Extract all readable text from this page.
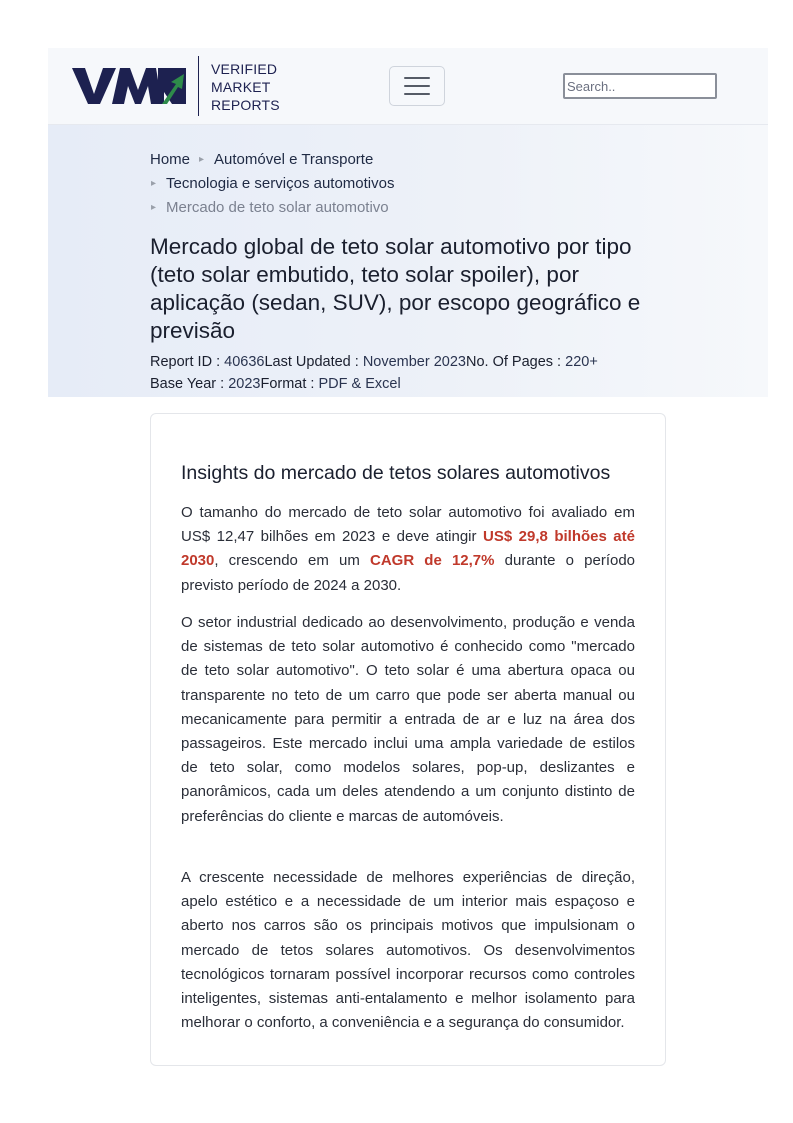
VERIFIED
MARKET
REPORTS
Search..
Home ▸ Automóvel e Transporte
▸ Tecnologia e serviços automotivos
▸ Mercado de teto solar automotivo
Mercado global de teto solar automotivo por tipo (teto solar embutido, teto solar spoiler), por aplicação (sedan, SUV), por escopo geográfico e previsão
Report ID : 40636Last Updated : November 2023No. Of Pages : 220+
Base Year : 2023Format : PDF & Excel
Insights do mercado de tetos solares automotivos

O tamanho do mercado de teto solar automotivo foi avaliado em US$ 12,47 bilhões em 2023 e deve atingir US$ 29,8 bilhões até 2030, crescendo em um CAGR de 12,7% durante o período previsto período de 2024 a 2030.

O setor industrial dedicado ao desenvolvimento, produção e venda de sistemas de teto solar automotivo é conhecido como "mercado de teto solar automotivo". O teto solar é uma abertura opaca ou transparente no teto de um carro que pode ser aberta manual ou mecanicamente para permitir a entrada de ar e luz na área dos passageiros. Este mercado inclui uma ampla variedade de estilos de teto solar, como modelos solares, pop-up, deslizantes e panorâmicos, cada um deles atendendo a um conjunto distinto de preferências do cliente e marcas de automóveis.

A crescente necessidade de melhores experiências de direção, apelo estético e a necessidade de um interior mais espaçoso e aberto nos carros são os principais motivos que impulsionam o mercado de tetos solares automotivos. Os desenvolvimentos tecnológicos tornaram possível incorporar recursos como controles inteligentes, sistemas anti-entalamento e melhor isolamento para melhorar o conforto, a conveniência e a segurança do consumidor.
